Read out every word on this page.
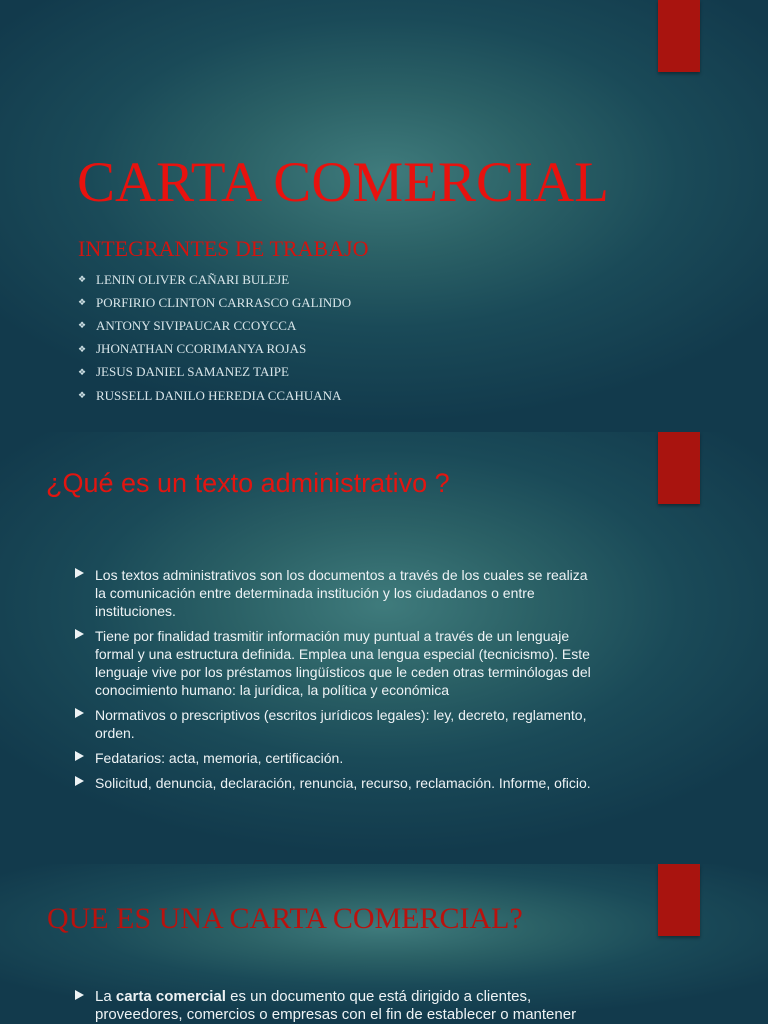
CARTA COMERCIAL
INTEGRANTES DE TRABAJO
❖ LENIN OLIVER CAÑARI BULEJE
❖ PORFIRIO CLINTON CARRASCO GALINDO
❖ ANTONY SIVIPAUCAR CCOYCCA
❖ JHONATHAN CCORIMANYA ROJAS
❖ JESUS DANIEL SAMANEZ TAIPE
❖ RUSSELL DANILO HEREDIA CCAHUANA
¿Qué es un texto administrativo ?
Los textos administrativos son los documentos a través de los cuales se realiza
la comunicación entre determinada institución y los ciudadanos o entre
instituciones.
Tiene por finalidad trasmitir información muy puntual a través de un lenguaje
formal y una estructura definida. Emplea una lengua especial (tecnicismo). Este
lenguaje vive por los préstamos lingüísticos que le ceden otras terminólogas del
conocimiento humano: la jurídica, la política y económica
Normativos o prescriptivos (escritos jurídicos legales): ley, decreto, reglamento,
orden.
Fedatarios: acta, memoria, certificación.
Solicitud, denuncia, declaración, renuncia, recurso, reclamación. Informe, oficio.
QUE ES UNA CARTA COMERCIAL?
La carta comercial es un documento que está dirigido a clientes,
proveedores, comercios o empresas con el fin de establecer o mantener
